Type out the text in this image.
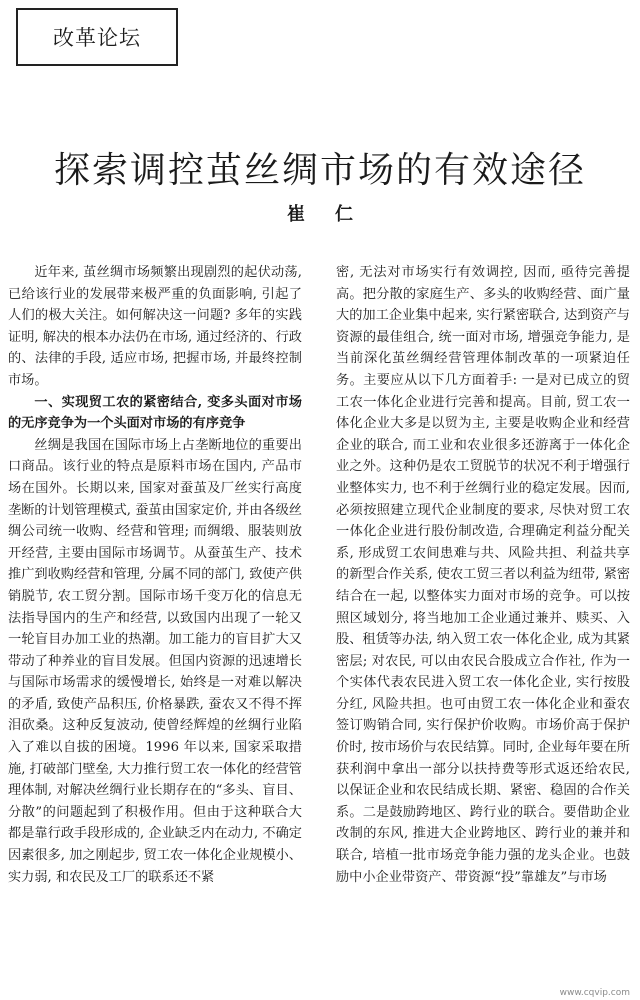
改革论坛
探索调控茧丝绸市场的有效途径
崔仁

近年来, 茧丝绸市场频繁出现剧烈的起伏动荡, 已给该行业的发展带来极严重的负面影响, 引起了人们的极大关注。如何解决这一问题? 多年的实践证明, 解决的根本办法仍在市场, 通过经济的、行政的、法律的手段, 适应市场, 把握市场, 并最终控制市场。

一、实现贸工农的紧密结合, 变多头面对市场的无序竞争为一个头面对市场的有序竞争

丝绸是我国在国际市场上占垄断地位的重要出口商品。该行业的特点是原料市场在国内, 产品市场在国外。长期以来, 国家对蚕茧及厂丝实行高度垄断的计划管理模式, 蚕茧由国家定价, 并由各级丝绸公司统一收购、经营和管理; 而绸缎、服装则放开经营, 主要由国际市场调节。从蚕茧生产、技术推广到收购经营和管理, 分属不同的部门, 致使产供销脱节, 农工贸分割。国际市场千变万化的信息无法指导国内的生产和经营, 以致国内出现了一轮又一轮盲目办加工业的热潮。加工能力的盲目扩大又带动了种养业的盲目发展。但国内资源的迅速增长与国际市场需求的缓慢增长, 始终是一对难以解决的矛盾, 致使产品积压, 价格暴跌, 蚕农又不得不挥泪砍桑。这种反复波动, 使曾经辉煌的丝绸行业陷入了难以自拔的困境。1996 年以来, 国家采取措施, 打破部门壁垒, 大力推行贸工农一体化的经营管理体制, 对解决丝绸行业长期存在的“多头、盲目、分散”的问题起到了积极作用。但由于这种联合大都是靠行政手段形成的, 企业缺乏内在动力, 不确定因素很多, 加之刚起步, 贸工农一体化企业规模小、实力弱, 和农民及工厂的联系还不紧

密, 无法对市场实行有效调控, 因而, 亟待完善提高。把分散的家庭生产、多头的收购经营、面广量大的加工企业集中起来, 实行紧密联合, 达到资产与资源的最佳组合, 统一面对市场, 增强竞争能力, 是当前深化茧丝绸经营管理体制改革的一项紧迫任务。主要应从以下几方面着手: 一是对已成立的贸工农一体化企业进行完善和提高。目前, 贸工农一体化企业大多是以贸为主, 主要是收购企业和经营企业的联合, 而工业和农业很多还游离于一体化企业之外。这种仍是农工贸脱节的状况不利于增强行业整体实力, 也不利于丝绸行业的稳定发展。因而, 必须按照建立现代企业制度的要求, 尽快对贸工农一体化企业进行股份制改造, 合理确定利益分配关系, 形成贸工农间患难与共、风险共担、利益共享的新型合作关系, 使农工贸三者以利益为纽带, 紧密结合在一起, 以整体实力面对市场的竞争。可以按照区域划分, 将当地加工企业通过兼并、赎买、入股、租赁等办法, 纳入贸工农一体化企业, 成为其紧密层; 对农民, 可以由农民合股成立合作社, 作为一个实体代表农民进入贸工农一体化企业, 实行按股分红, 风险共担。也可由贸工农一体化企业和蚕农签订购销合同, 实行保护价收购。市场价高于保护价时, 按市场价与农民结算。同时, 企业每年要在所获利润中拿出一部分以扶持费等形式返还给农民, 以保证企业和农民结成长期、紧密、稳固的合作关系。二是鼓励跨地区、跨行业的联合。要借助企业改制的东风, 推进大企业跨地区、跨行业的兼并和联合, 培植一批市场竞争能力强的龙头企业。也鼓励中小企业带资产、带资源“投”靠雄友”与市场

www.cqvip.com
